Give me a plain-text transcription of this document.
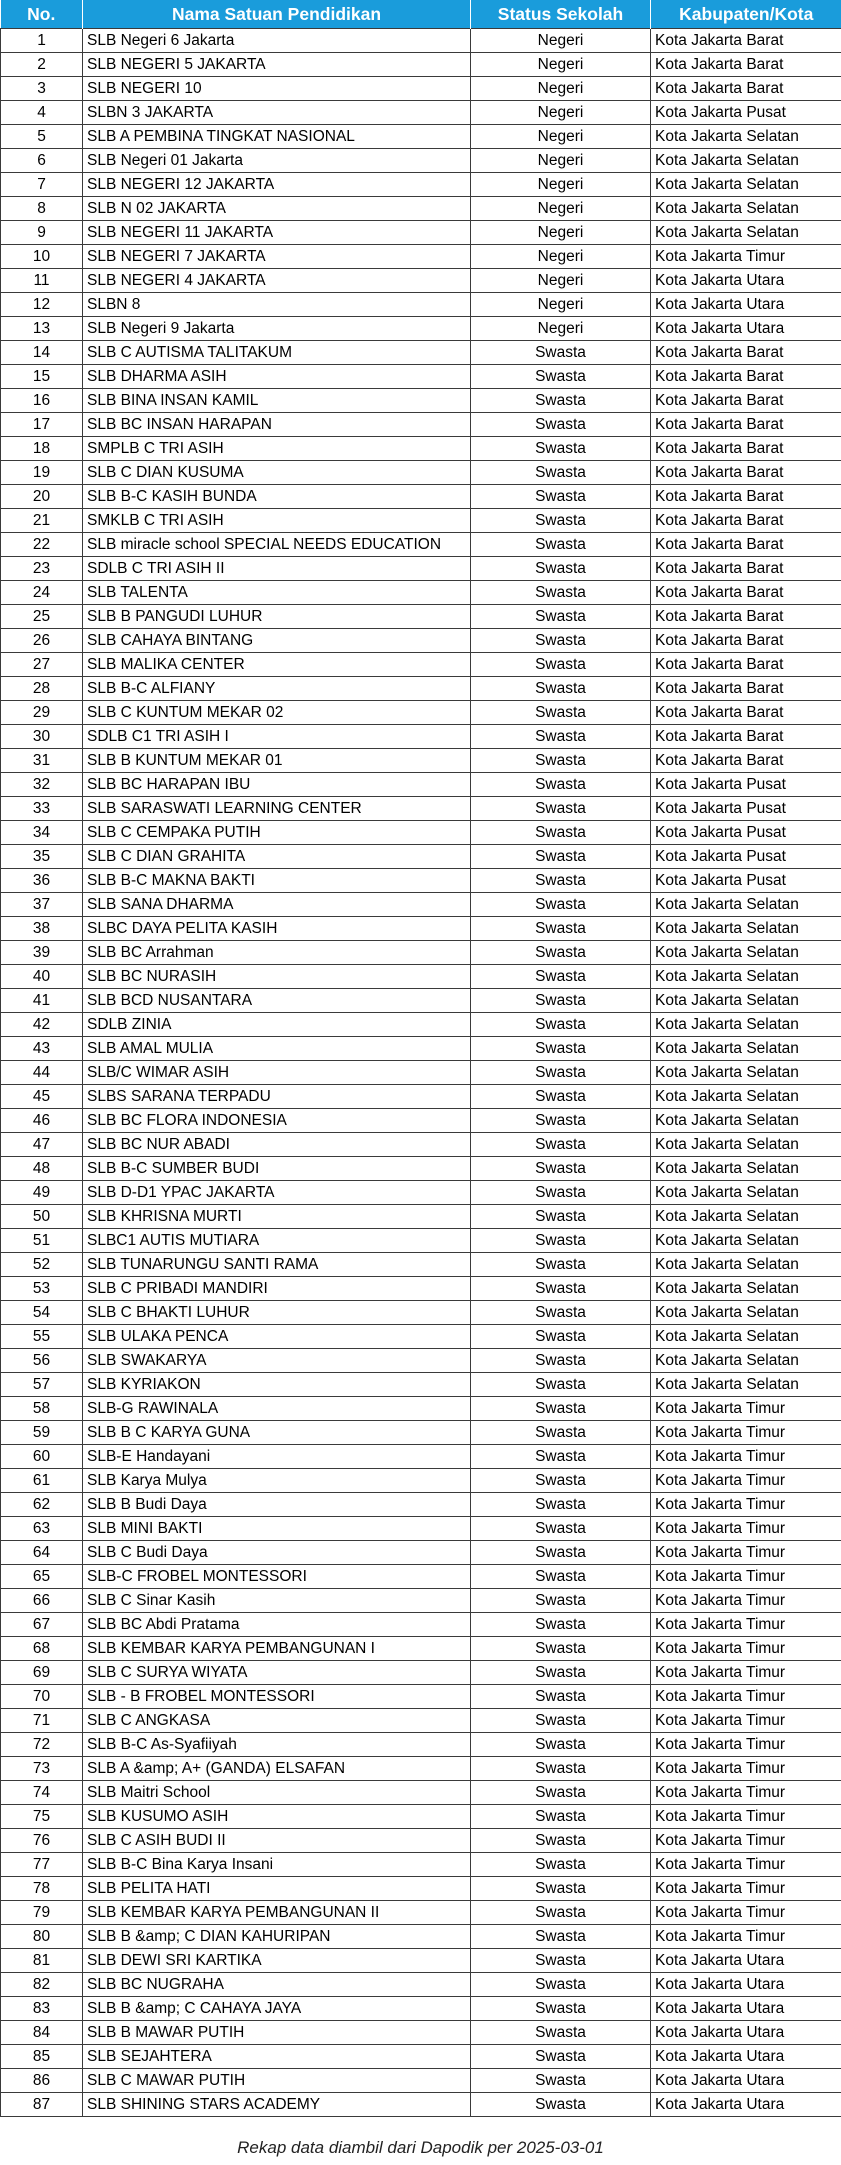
No.	Nama Satuan Pendidikan	Status Sekolah	Kabupaten/Kota
1	SLB Negeri 6 Jakarta	Negeri	Kota Jakarta Barat
2	SLB NEGERI 5 JAKARTA	Negeri	Kota Jakarta Barat
3	SLB NEGERI 10	Negeri	Kota Jakarta Barat
4	SLBN 3 JAKARTA	Negeri	Kota Jakarta Pusat
5	SLB A PEMBINA TINGKAT NASIONAL	Negeri	Kota Jakarta Selatan
6	SLB Negeri 01 Jakarta	Negeri	Kota Jakarta Selatan
7	SLB NEGERI 12 JAKARTA	Negeri	Kota Jakarta Selatan
8	SLB N 02 JAKARTA	Negeri	Kota Jakarta Selatan
9	SLB NEGERI 11 JAKARTA	Negeri	Kota Jakarta Selatan
10	SLB NEGERI 7 JAKARTA	Negeri	Kota Jakarta Timur
11	SLB NEGERI 4 JAKARTA	Negeri	Kota Jakarta Utara
12	SLBN 8	Negeri	Kota Jakarta Utara
13	SLB Negeri 9 Jakarta	Negeri	Kota Jakarta Utara
14	SLB C AUTISMA TALITAKUM	Swasta	Kota Jakarta Barat
15	SLB DHARMA ASIH	Swasta	Kota Jakarta Barat
16	SLB BINA INSAN KAMIL	Swasta	Kota Jakarta Barat
17	SLB BC INSAN HARAPAN	Swasta	Kota Jakarta Barat
18	SMPLB C TRI ASIH	Swasta	Kota Jakarta Barat
19	SLB C DIAN KUSUMA	Swasta	Kota Jakarta Barat
20	SLB B-C KASIH BUNDA	Swasta	Kota Jakarta Barat
21	SMKLB C TRI ASIH	Swasta	Kota Jakarta Barat
22	SLB miracle school SPECIAL NEEDS EDUCATION	Swasta	Kota Jakarta Barat
23	SDLB C TRI ASIH II	Swasta	Kota Jakarta Barat
24	SLB TALENTA	Swasta	Kota Jakarta Barat
25	SLB B PANGUDI LUHUR	Swasta	Kota Jakarta Barat
26	SLB CAHAYA BINTANG	Swasta	Kota Jakarta Barat
27	SLB MALIKA CENTER	Swasta	Kota Jakarta Barat
28	SLB B-C ALFIANY	Swasta	Kota Jakarta Barat
29	SLB C KUNTUM MEKAR 02	Swasta	Kota Jakarta Barat
30	SDLB C1 TRI ASIH I	Swasta	Kota Jakarta Barat
31	SLB B KUNTUM MEKAR 01	Swasta	Kota Jakarta Barat
32	SLB BC HARAPAN IBU	Swasta	Kota Jakarta Pusat
33	SLB SARASWATI LEARNING CENTER	Swasta	Kota Jakarta Pusat
34	SLB C CEMPAKA PUTIH	Swasta	Kota Jakarta Pusat
35	SLB C DIAN GRAHITA	Swasta	Kota Jakarta Pusat
36	SLB B-C MAKNA BAKTI	Swasta	Kota Jakarta Pusat
37	SLB SANA DHARMA	Swasta	Kota Jakarta Selatan
38	SLBC DAYA PELITA KASIH	Swasta	Kota Jakarta Selatan
39	SLB BC Arrahman	Swasta	Kota Jakarta Selatan
40	SLB BC NURASIH	Swasta	Kota Jakarta Selatan
41	SLB BCD NUSANTARA	Swasta	Kota Jakarta Selatan
42	SDLB ZINIA	Swasta	Kota Jakarta Selatan
43	SLB AMAL MULIA	Swasta	Kota Jakarta Selatan
44	SLB/C WIMAR ASIH	Swasta	Kota Jakarta Selatan
45	SLBS SARANA TERPADU	Swasta	Kota Jakarta Selatan
46	SLB BC FLORA INDONESIA	Swasta	Kota Jakarta Selatan
47	SLB BC NUR ABADI	Swasta	Kota Jakarta Selatan
48	SLB B-C SUMBER BUDI	Swasta	Kota Jakarta Selatan
49	SLB D-D1 YPAC JAKARTA	Swasta	Kota Jakarta Selatan
50	SLB KHRISNA MURTI	Swasta	Kota Jakarta Selatan
51	SLBC1 AUTIS MUTIARA	Swasta	Kota Jakarta Selatan
52	SLB TUNARUNGU SANTI RAMA	Swasta	Kota Jakarta Selatan
53	SLB C PRIBADI MANDIRI	Swasta	Kota Jakarta Selatan
54	SLB C BHAKTI LUHUR	Swasta	Kota Jakarta Selatan
55	SLB ULAKA PENCA	Swasta	Kota Jakarta Selatan
56	SLB SWAKARYA	Swasta	Kota Jakarta Selatan
57	SLB KYRIAKON	Swasta	Kota Jakarta Selatan
58	SLB-G RAWINALA	Swasta	Kota Jakarta Timur
59	SLB B C KARYA GUNA	Swasta	Kota Jakarta Timur
60	SLB-E Handayani	Swasta	Kota Jakarta Timur
61	SLB Karya Mulya	Swasta	Kota Jakarta Timur
62	SLB B Budi Daya	Swasta	Kota Jakarta Timur
63	SLB MINI BAKTI	Swasta	Kota Jakarta Timur
64	SLB C Budi Daya	Swasta	Kota Jakarta Timur
65	SLB-C FROBEL MONTESSORI	Swasta	Kota Jakarta Timur
66	SLB C Sinar Kasih	Swasta	Kota Jakarta Timur
67	SLB BC Abdi Pratama	Swasta	Kota Jakarta Timur
68	SLB KEMBAR KARYA PEMBANGUNAN I	Swasta	Kota Jakarta Timur
69	SLB C SURYA WIYATA	Swasta	Kota Jakarta Timur
70	SLB - B FROBEL MONTESSORI	Swasta	Kota Jakarta Timur
71	SLB C ANGKASA	Swasta	Kota Jakarta Timur
72	SLB B-C As-Syafiiyah	Swasta	Kota Jakarta Timur
73	SLB A &amp; A+ (GANDA) ELSAFAN	Swasta	Kota Jakarta Timur
74	SLB Maitri School	Swasta	Kota Jakarta Timur
75	SLB KUSUMO ASIH	Swasta	Kota Jakarta Timur
76	SLB C ASIH BUDI II	Swasta	Kota Jakarta Timur
77	SLB B-C Bina Karya Insani	Swasta	Kota Jakarta Timur
78	SLB PELITA HATI	Swasta	Kota Jakarta Timur
79	SLB KEMBAR KARYA PEMBANGUNAN II	Swasta	Kota Jakarta Timur
80	SLB B &amp; C DIAN KAHURIPAN	Swasta	Kota Jakarta Timur
81	SLB DEWI SRI KARTIKA	Swasta	Kota Jakarta Utara
82	SLB BC NUGRAHA	Swasta	Kota Jakarta Utara
83	SLB B &amp; C CAHAYA JAYA	Swasta	Kota Jakarta Utara
84	SLB B MAWAR PUTIH	Swasta	Kota Jakarta Utara
85	SLB SEJAHTERA	Swasta	Kota Jakarta Utara
86	SLB C MAWAR PUTIH	Swasta	Kota Jakarta Utara
87	SLB SHINING STARS ACADEMY	Swasta	Kota Jakarta Utara
Rekap data diambil dari Dapodik per 2025-03-01
